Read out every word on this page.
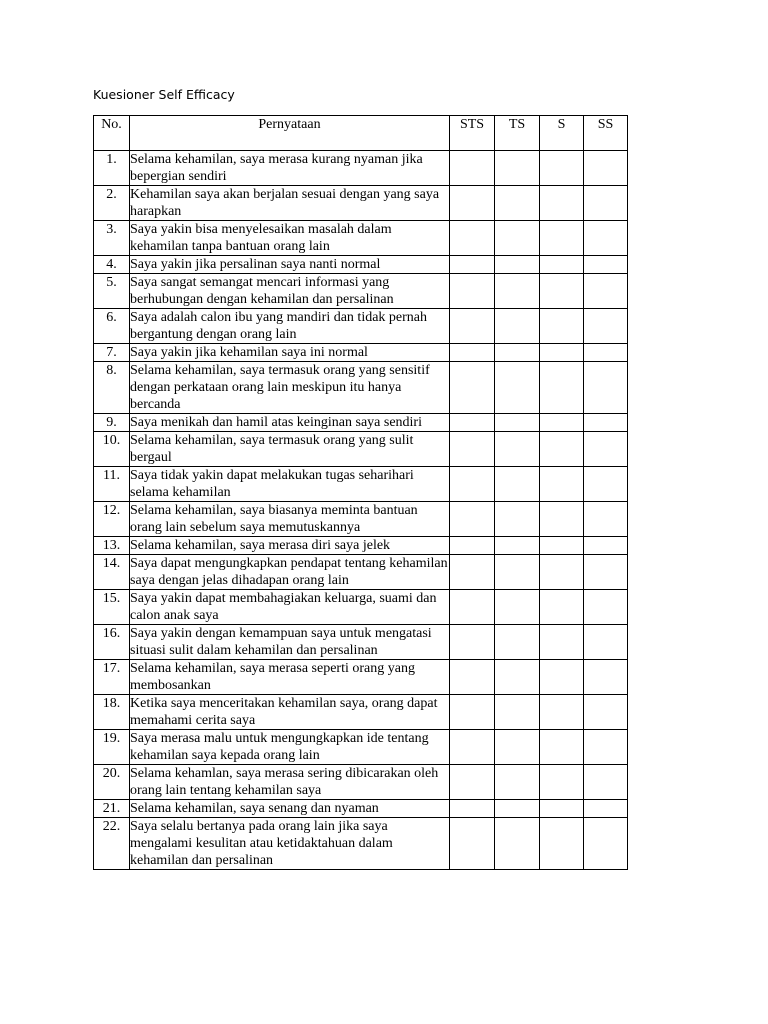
Kuesioner Self Efficacy
No.	Pernyataan	STS	TS	S	SS
1.	Selama kehamilan, saya merasa kurang nyaman jika bepergian sendiri				
2.	Kehamilan saya akan berjalan sesuai dengan yang saya harapkan				
3.	Saya yakin bisa menyelesaikan masalah dalam kehamilan tanpa bantuan orang lain				
4.	Saya yakin jika persalinan saya nanti normal				
5.	Saya sangat semangat mencari informasi yang berhubungan dengan kehamilan dan persalinan				
6.	Saya adalah calon ibu yang mandiri dan tidak pernah bergantung dengan orang lain				
7.	Saya yakin jika kehamilan saya ini normal				
8.	Selama kehamilan, saya termasuk orang yang sensitif dengan perkataan orang lain meskipun itu hanya bercanda				
9.	Saya menikah dan hamil atas keinginan saya sendiri				
10.	Selama kehamilan, saya termasuk orang yang sulit bergaul				
11.	Saya tidak yakin dapat melakukan tugas seharihari selama kehamilan				
12.	Selama kehamilan, saya biasanya meminta bantuan orang lain sebelum saya memutuskannya				
13.	Selama kehamilan, saya merasa diri saya jelek				
14.	Saya dapat mengungkapkan pendapat tentang kehamilan saya dengan jelas dihadapan orang lain				
15.	Saya yakin dapat membahagiakan keluarga, suami dan calon anak saya				
16.	Saya yakin dengan kemampuan saya untuk mengatasi situasi sulit dalam kehamilan dan persalinan				
17.	Selama kehamilan, saya merasa seperti orang yang membosankan				
18.	Ketika saya menceritakan kehamilan saya, orang dapat memahami cerita saya				
19.	Saya merasa malu untuk mengungkapkan ide tentang kehamilan saya kepada orang lain				
20.	Selama kehamlan, saya merasa sering dibicarakan oleh orang lain tentang kehamilan saya				
21.	Selama kehamilan, saya senang dan nyaman				
22.	Saya selalu bertanya pada orang lain jika saya mengalami kesulitan atau ketidaktahuan dalam kehamilan dan persalinan				
